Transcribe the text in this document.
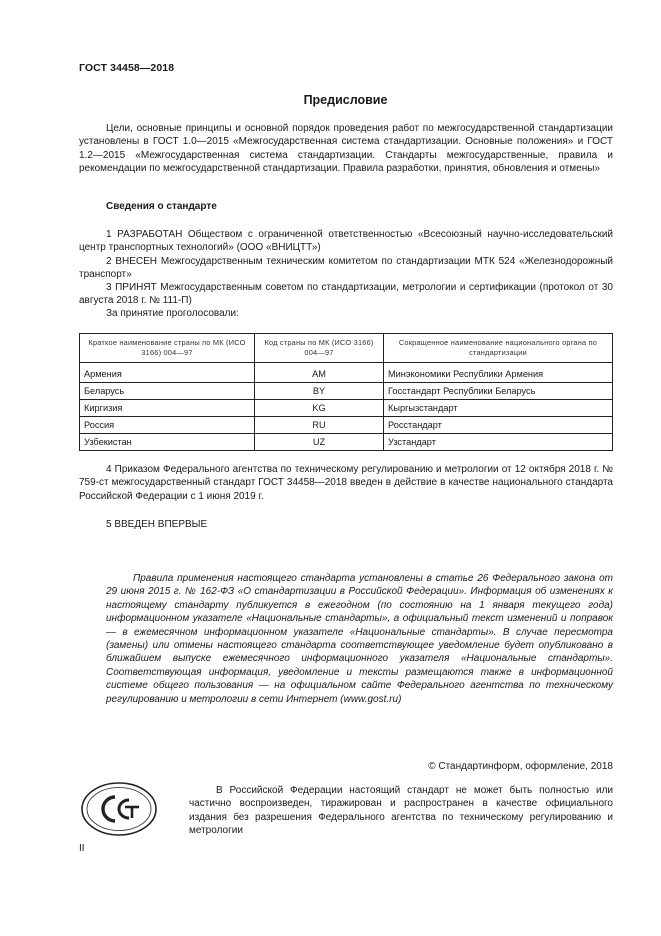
ГОСТ 34458—2018
Предисловие
Цели, основные принципы и основной порядок проведения работ по межгосударственной стандартизации установлены в ГОСТ 1.0—2015 «Межгосударственная система стандартизации. Основные положения» и ГОСТ 1.2—2015 «Межгосударственная система стандартизации. Стандарты межгосударственные, правила и рекомендации по межгосударственной стандартизации. Правила разработки, принятия, обновления и отмены»
Сведения о стандарте
1 РАЗРАБОТАН Обществом с ограниченной ответственностью «Всесоюзный научно-исследовательский центр транспортных технологий» (ООО «ВНИЦТТ»)
2 ВНЕСЕН Межгосударственным техническим комитетом по стандартизации МТК 524 «Железнодорожный транспорт»
3 ПРИНЯТ Межгосударственным советом по стандартизации, метрологии и сертификации (протокол от 30 августа 2018 г. № 111-П)
За принятие проголосовали:
Краткое наименование страны по МК (ИСО 3166) 004—97	Код страны по МК (ИСО 3166) 004—97	Сокращенное наименование национального органа по стандартизации
Армения	AM	Минэкономики Республики Армения
Беларусь	BY	Госстандарт Республики Беларусь
Киргизия	KG	Кыргызстандарт
Россия	RU	Росстандарт
Узбекистан	UZ	Узстандарт
4 Приказом Федерального агентства по техническому регулированию и метрологии от 12 октября 2018 г. № 759-ст межгосударственный стандарт ГОСТ 34458—2018 введен в действие в качестве национального стандарта Российской Федерации с 1 июня 2019 г.
5 ВВЕДЕН ВПЕРВЫЕ
Правила применения настоящего стандарта установлены в статье 26 Федерального закона от 29 июня 2015 г. № 162-ФЗ «О стандартизации в Российской Федерации». Информация об изменениях к настоящему стандарту публикуется в ежегодном (по состоянию на 1 января текущего года) информационном указателе «Национальные стандарты», а официальный текст изменений и поправок — в ежемесячном информационном указателе «Национальные стандарты». В случае пересмотра (замены) или отмены настоящего стандарта соответствующее уведомление будет опубликовано в ближайшем выпуске ежемесячного информационного указателя «Национальные стандарты». Соответствующая информация, уведомление и тексты размещаются также в информационной системе общего пользования — на официальном сайте Федерального агентства по техническому регулированию и метрологии в сети Интернет (www.gost.ru)
© Стандартинформ, оформление, 2018
В Российской Федерации настоящий стандарт не может быть полностью или частично воспроизведен, тиражирован и распространен в качестве официального издания без разрешения Федерального агентства по техническому регулированию и метрологии
II
